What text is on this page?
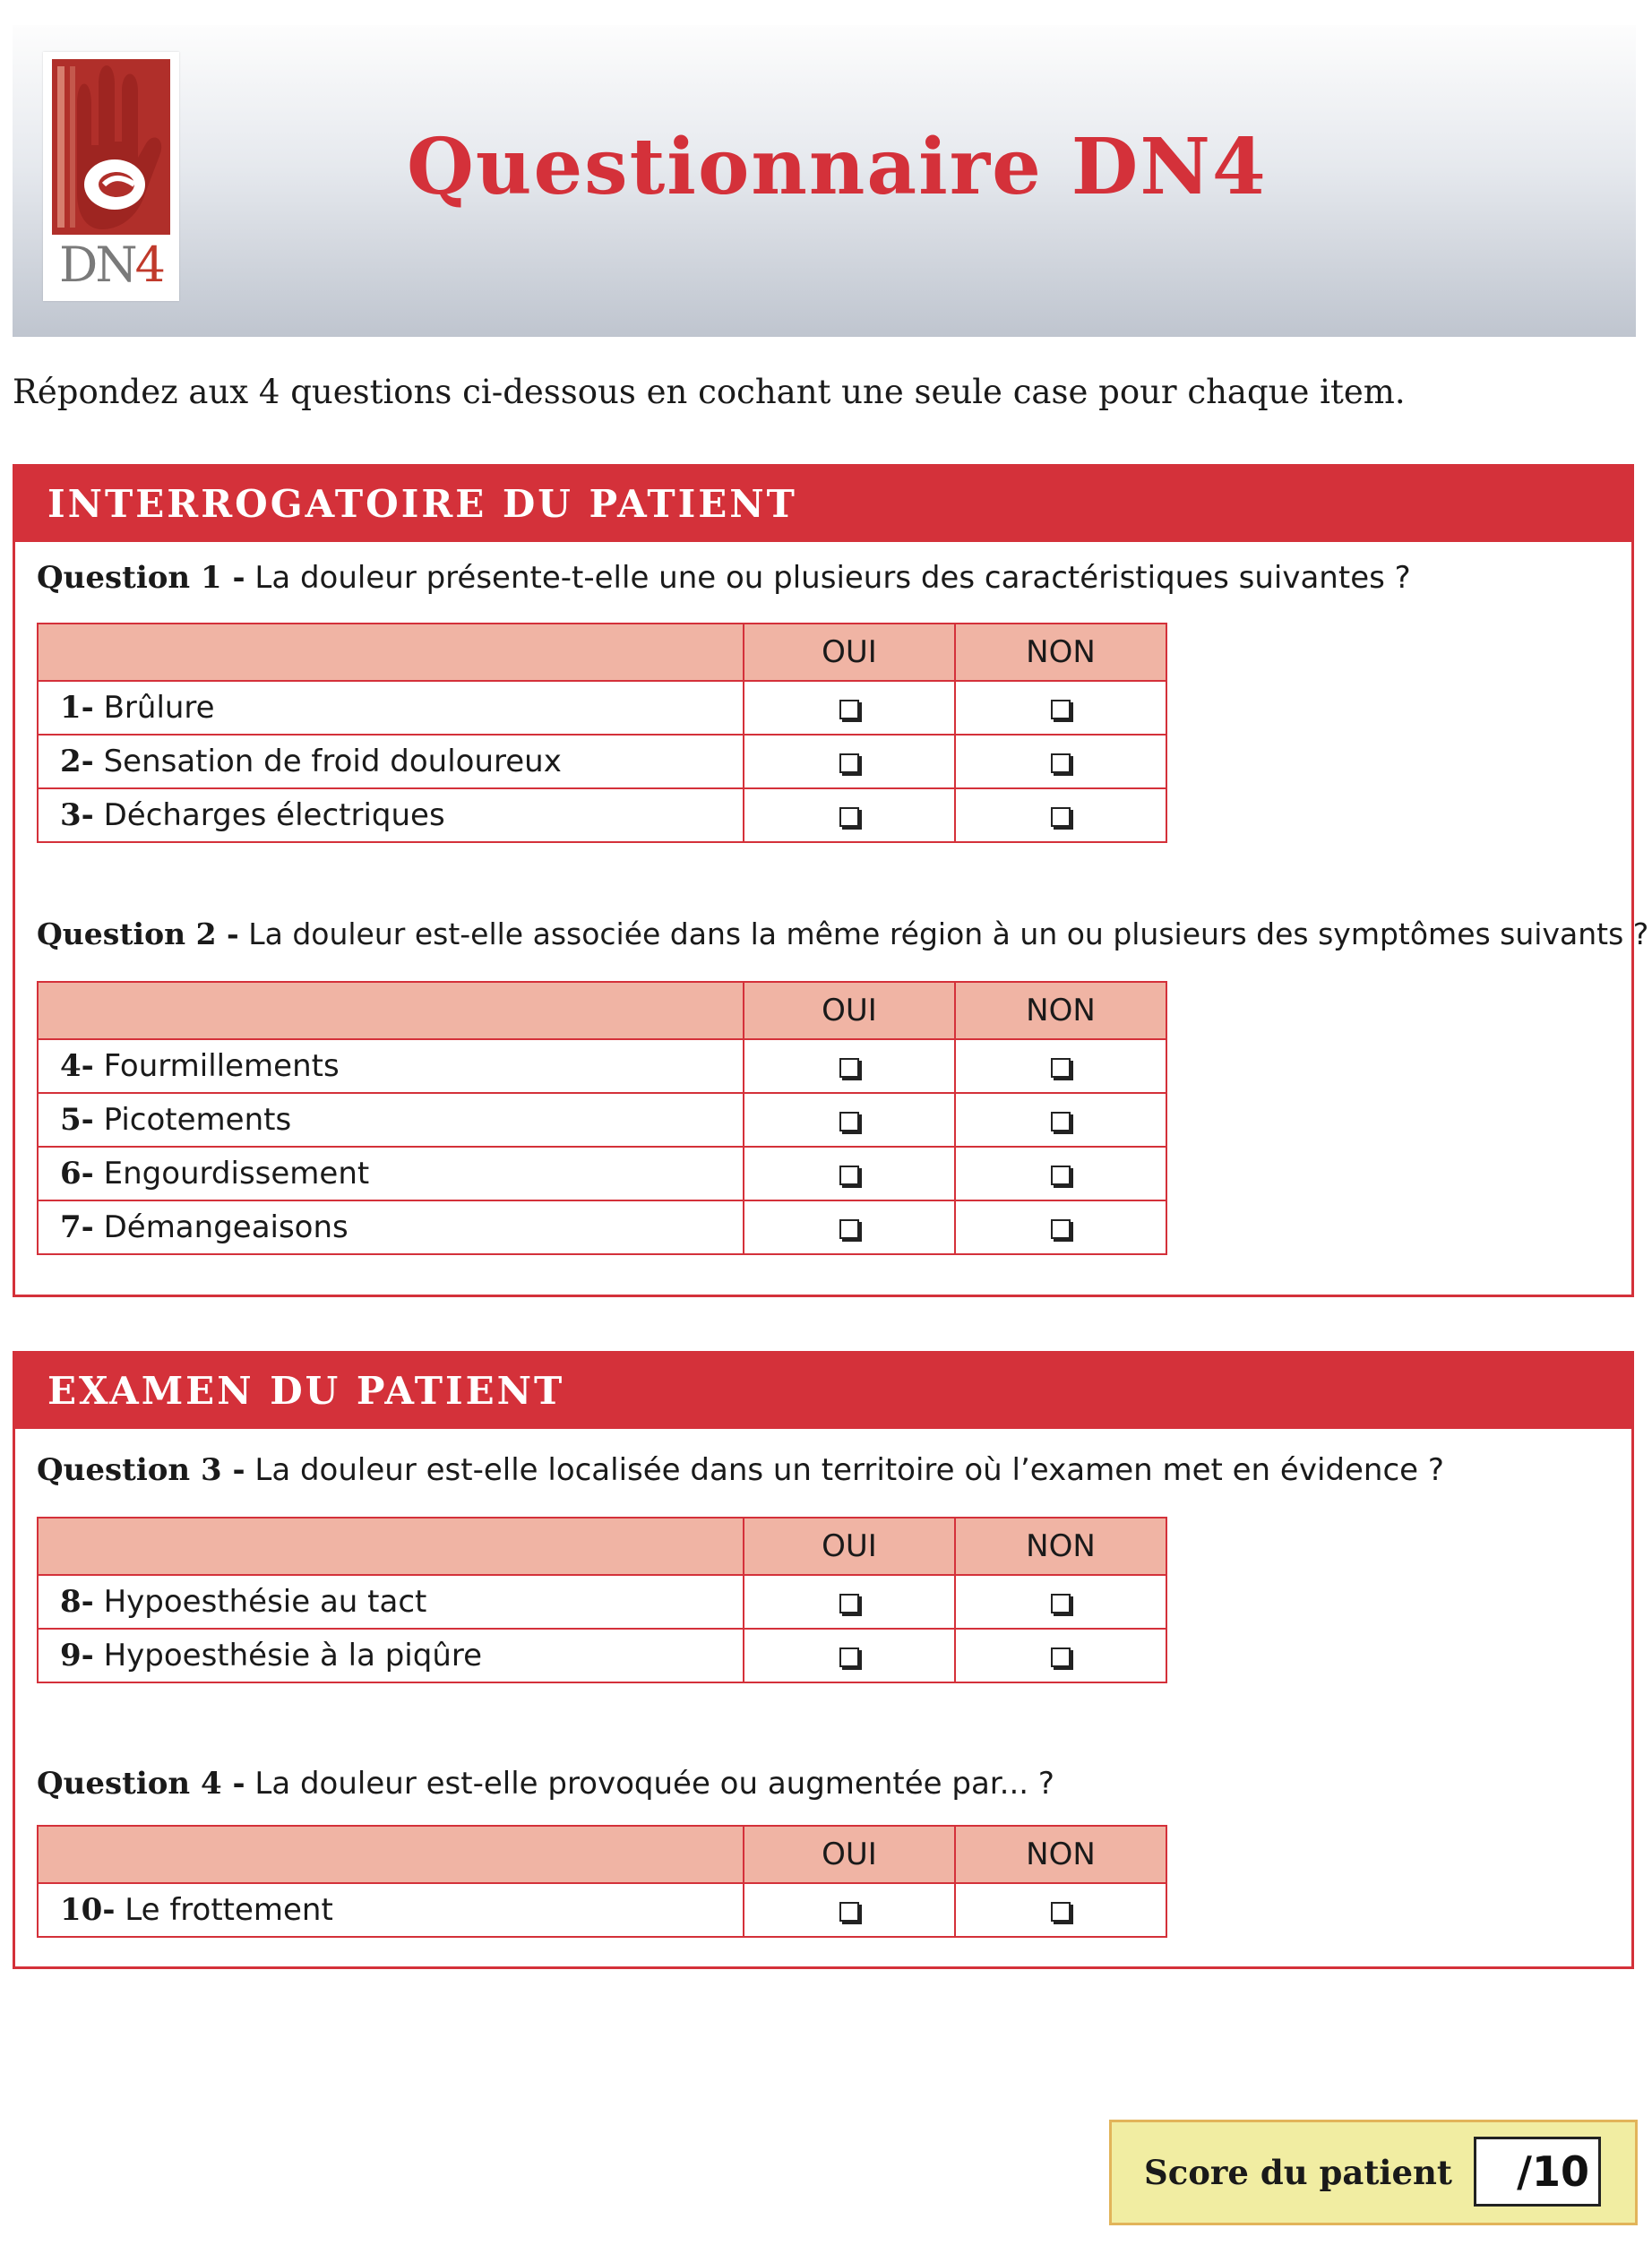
DN4
Questionnaire DN4

Répondez aux 4 questions ci-dessous en cochant une seule case pour chaque item.

INTERROGATOIRE DU PATIENT

Question 1 - La douleur présente-t-elle une ou plusieurs des caractéristiques suivantes ?

	OUI	NON
1- Brûlure		
2- Sensation de froid douloureux		
3- Décharges électriques		

Question 2 - La douleur est-elle associée dans la même région à un ou plusieurs des symptômes suivants ?

	OUI	NON
4- Fourmillements		
5- Picotements		
6- Engourdissement		
7- Démangeaisons		
EXAMEN DU PATIENT

Question 3 - La douleur est-elle localisée dans un territoire où l’examen met en évidence ?

	OUI	NON
8- Hypoesthésie au tact		
9- Hypoesthésie à la piqûre		

Question 4 - La douleur est-elle provoquée ou augmentée par... ?

	OUI	NON
10- Le frottement		
Score du patient	/10
